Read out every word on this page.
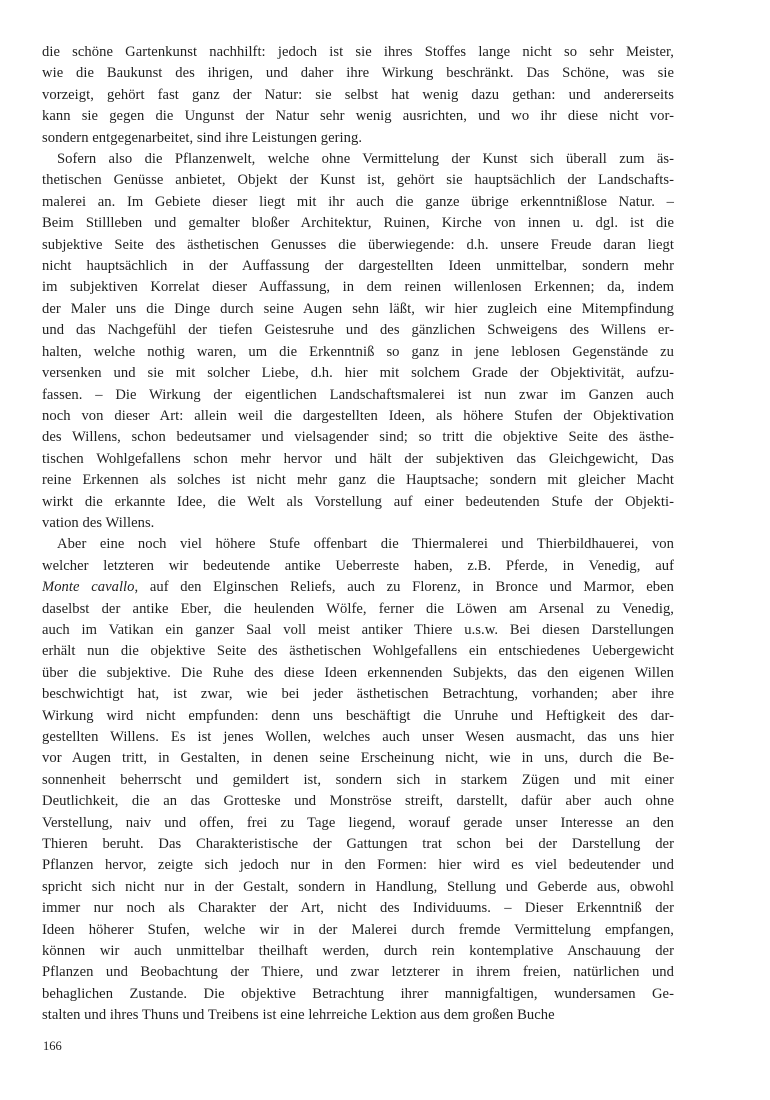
die schöne Gartenkunst nachhilft: jedoch ist sie ihres Stoffes lange nicht so sehr Meister,
wie die Baukunst des ihrigen, und daher ihre Wirkung beschränkt. Das Schöne, was sie
vorzeigt, gehört fast ganz der Natur: sie selbst hat wenig dazu gethan: und andererseits
kann sie gegen die Ungunst der Natur sehr wenig ausrichten, und wo ihr diese nicht vor-
sondern entgegenarbeitet, sind ihre Leistungen gering.
Sofern also die Pflanzenwelt, welche ohne Vermittelung der Kunst sich überall zum äs-
thetischen Genüsse anbietet, Objekt der Kunst ist, gehört sie hauptsächlich der Landschafts-
malerei an. Im Gebiete dieser liegt mit ihr auch die ganze übrige erkenntnißlose Natur. –
Beim Stillleben und gemalter bloßer Architektur, Ruinen, Kirche von innen u. dgl. ist die
subjektive Seite des ästhetischen Genusses die überwiegende: d.h. unsere Freude daran liegt
nicht hauptsächlich in der Auffassung der dargestellten Ideen unmittelbar, sondern mehr
im subjektiven Korrelat dieser Auffassung, in dem reinen willenlosen Erkennen; da, indem
der Maler uns die Dinge durch seine Augen sehn läßt, wir hier zugleich eine Mitempfindung
und das Nachgefühl der tiefen Geistesruhe und des gänzlichen Schweigens des Willens er-
halten, welche nothig waren, um die Erkenntniß so ganz in jene leblosen Gegenstände zu
versenken und sie mit solcher Liebe, d.h. hier mit solchem Grade der Objektivität, aufzu-
fassen. – Die Wirkung der eigentlichen Landschaftsmalerei ist nun zwar im Ganzen auch
noch von dieser Art: allein weil die dargestellten Ideen, als höhere Stufen der Objektivation
des Willens, schon bedeutsamer und vielsagender sind; so tritt die objektive Seite des ästhe-
tischen Wohlgefallens schon mehr hervor und hält der subjektiven das Gleichgewicht, Das
reine Erkennen als solches ist nicht mehr ganz die Hauptsache; sondern mit gleicher Macht
wirkt die erkannte Idee, die Welt als Vorstellung auf einer bedeutenden Stufe der Objekti-
vation des Willens.
Aber eine noch viel höhere Stufe offenbart die Thiermalerei und Thierbildhauerei, von
welcher letzteren wir bedeutende antike Ueberreste haben, z.B. Pferde, in Venedig, auf
Monte cavallo, auf den Elginschen Reliefs, auch zu Florenz, in Bronce und Marmor, eben
daselbst der antike Eber, die heulenden Wölfe, ferner die Löwen am Arsenal zu Venedig,
auch im Vatikan ein ganzer Saal voll meist antiker Thiere u.s.w. Bei diesen Darstellungen
erhält nun die objektive Seite des ästhetischen Wohlgefallens ein entschiedenes Uebergewicht
über die subjektive. Die Ruhe des diese Ideen erkennenden Subjekts, das den eigenen Willen
beschwichtigt hat, ist zwar, wie bei jeder ästhetischen Betrachtung, vorhanden; aber ihre
Wirkung wird nicht empfunden: denn uns beschäftigt die Unruhe und Heftigkeit des dar-
gestellten Willens. Es ist jenes Wollen, welches auch unser Wesen ausmacht, das uns hier
vor Augen tritt, in Gestalten, in denen seine Erscheinung nicht, wie in uns, durch die Be-
sonnenheit beherrscht und gemildert ist, sondern sich in starkem Zügen und mit einer
Deutlichkeit, die an das Grotteske und Monströse streift, darstellt, dafür aber auch ohne
Verstellung, naiv und offen, frei zu Tage liegend, worauf gerade unser Interesse an den
Thieren beruht. Das Charakteristische der Gattungen trat schon bei der Darstellung der
Pflanzen hervor, zeigte sich jedoch nur in den Formen: hier wird es viel bedeutender und
spricht sich nicht nur in der Gestalt, sondern in Handlung, Stellung und Geberde aus, obwohl
immer nur noch als Charakter der Art, nicht des Individuums. – Dieser Erkenntniß der
Ideen höherer Stufen, welche wir in der Malerei durch fremde Vermittelung empfangen,
können wir auch unmittelbar theilhaft werden, durch rein kontemplative Anschauung der
Pflanzen und Beobachtung der Thiere, und zwar letzterer in ihrem freien, natürlichen und
behaglichen Zustande. Die objektive Betrachtung ihrer mannigfaltigen, wundersamen Ge-
stalten und ihres Thuns und Treibens ist eine lehrreiche Lektion aus dem großen Buche
166
